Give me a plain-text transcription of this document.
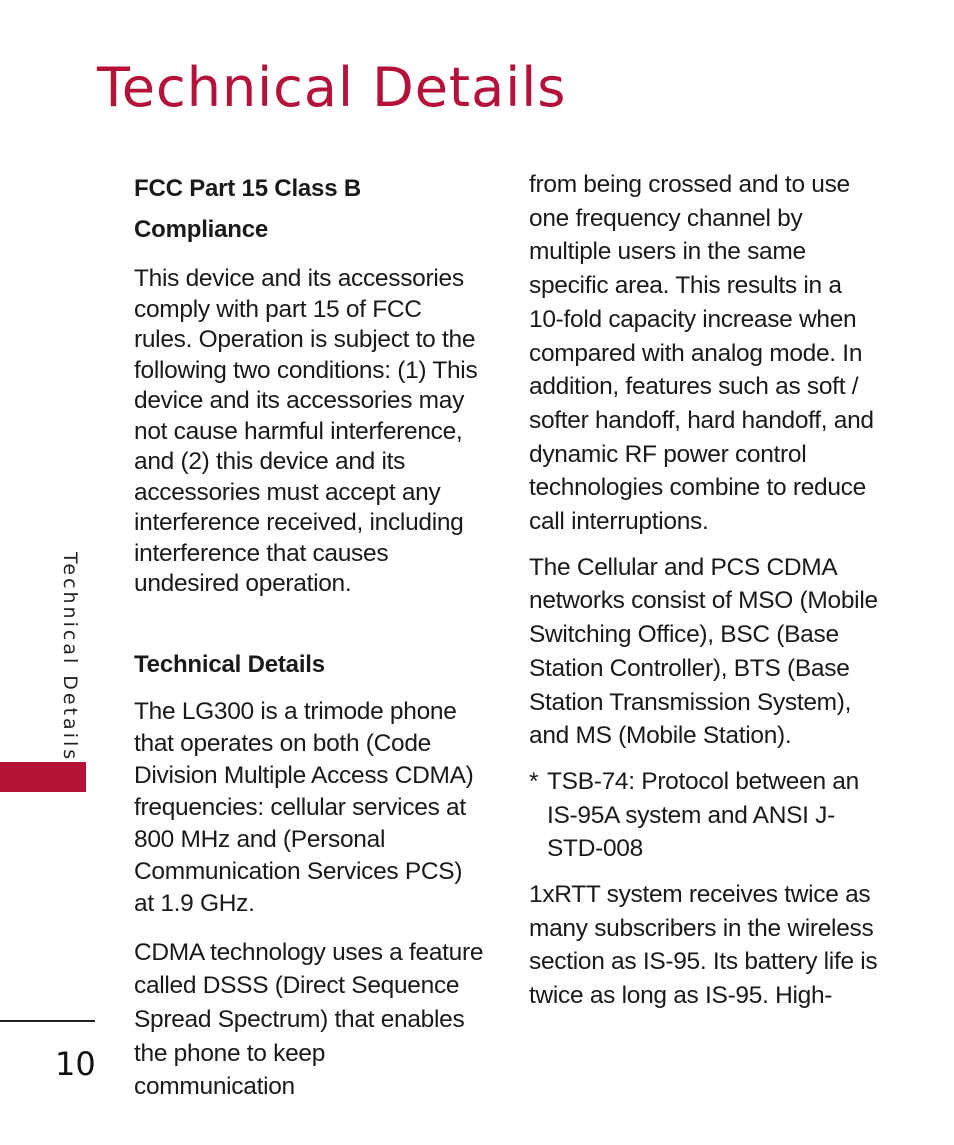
Technical Details
Technical Details
FCC Part 15 Class B Compliance

This device and its accessories comply with part 15 of FCC rules. Operation is subject to the following two conditions: (1) This device and its accessories may not cause harmful interference, and (2) this device and its accessories must accept any interference received, including interference that causes undesired operation.

Technical Details

The LG300 is a trimode phone that operates on both (Code Division Multiple Access CDMA) frequencies: cellular services at 800 MHz and (Personal Communication Services PCS) at 1.9 GHz.

CDMA technology uses a feature called DSSS (Direct Sequence Spread Spectrum) that enables the phone to keep communication

from being crossed and to use one frequency channel by multiple users in the same specific area. This results in a 10-fold capacity increase when compared with analog mode. In addition, features such as soft / softer handoff, hard handoff, and dynamic RF power control technologies combine to reduce call interruptions.

The Cellular and PCS CDMA networks consist of MSO (Mobile Switching Office), BSC (Base Station Controller), BTS (Base Station Transmission System), and MS (Mobile Station).

* TSB-74: Protocol between an IS-95A system and ANSI J-STD-008

1xRTT system receives twice as many subscribers in the wireless section as IS-95. Its battery life is twice as long as IS-95. High-

10
